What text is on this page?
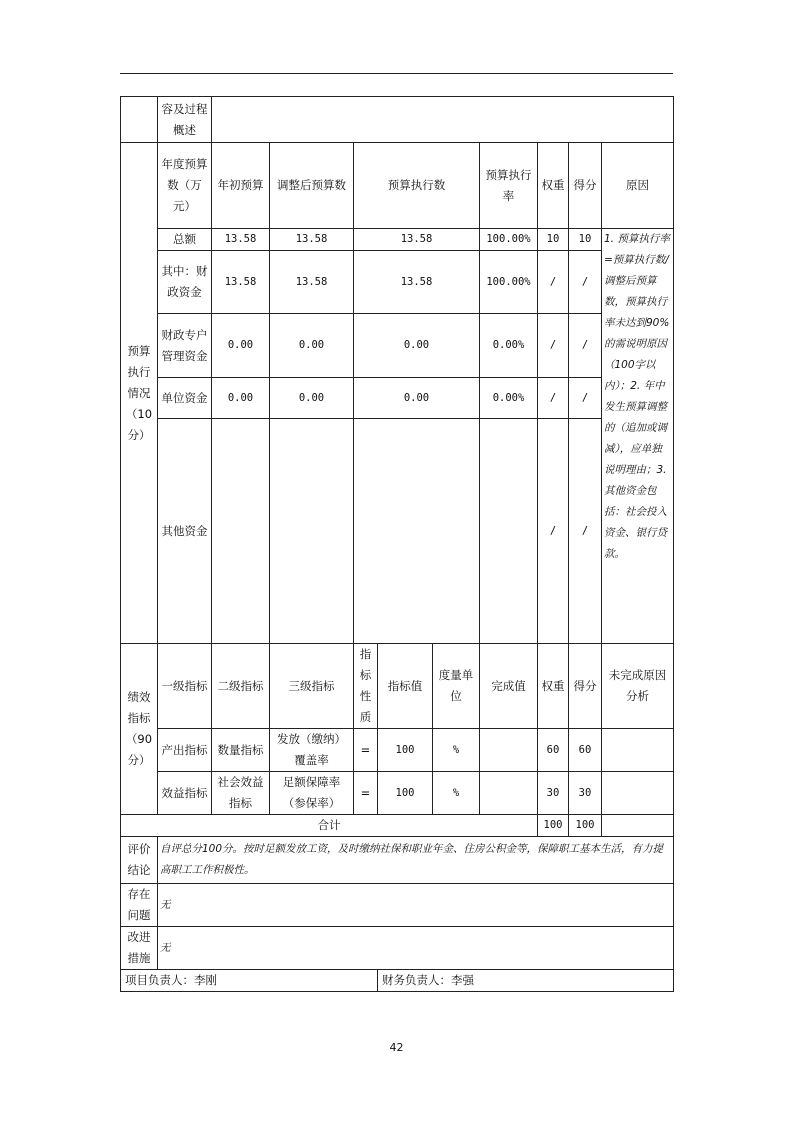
	容及过程概述									
预算执行情况（10分）	年度预算数（万元）	年初预算	调整后预算数	预算执行数			预算执行率	权重	得分	原因
	总额	13.58	13.58	13.58			100.00%	10	10	1. 预算执行率=预算执行数/调整后预算数，预算执行率未达到90%的需说明原因（100字以内）；2. 年中发生预算调整的（追加或调减），应单独说明理由；3. 其他资金包括：社会投入资金、银行贷款。
	其中：财政资金	13.58	13.58	13.58			100.00%	/	/	
	财政专户管理资金	0.00	0.00	0.00			0.00%	/	/	
	单位资金	0.00	0.00	0.00			0.00%	/	/	
	其他资金							/	/	
绩效指标（90分）	一级指标	二级指标	三级指标	指标性质	指标值	度量单位	完成值	权重	得分	未完成原因分析
	产出指标	数量指标	发放（缴纳）覆盖率	=	100	%		60	60	
	效益指标	社会效益指标	足额保障率（参保率）	=	100	%		30	30	
合计								100	100	
评价结论	自评总分100分。按时足额发放工资，及时缴纳社保和职业年金、住房公积金等，保障职工基本生活，有力提高职工工作积极性。									
存在问题	无									
改进措施	无									
项目负责人：李刚					财务负责人：李强					
42
